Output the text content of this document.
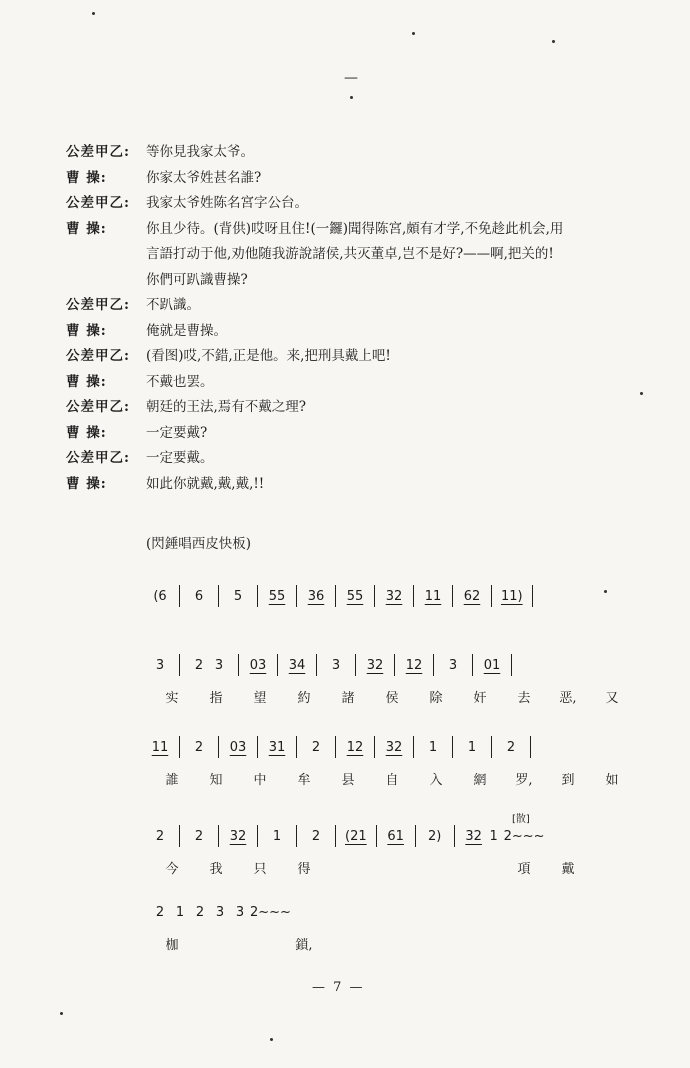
—
公差甲乙:	等你見我家太爷。
曹 操:	你家太爷姓甚名誰?
公差甲乙:	我家太爷姓陈名宮字公台。
曹 操:	你且少待。(背供)哎呀且住!(一鑼)聞得陈宮,頗有才学,不免趁此机会,用
言語打动于他,劝他随我游說諸侯,共灭董卓,岂不是好?——啊,把关的!
你們可趴識曹操?
公差甲乙:	不趴識。
曹 操:	俺就是曹操。
公差甲乙:	(看图)哎,不錯,正是他。来,把刑具戴上吧!
曹 操:	不戴也罢。
公差甲乙:	朝廷的王法,焉有不戴之理?
曹 操:	一定要戴?
公差甲乙:	一定要戴。
曹 操:	如此你就戴,戴,戴,!!
(閃錘唱西皮快板)
(6	6	5	55 36 55 32 11 62 11)
3	2 3	03 34	3	32 12	3	01
实	指	望	約	諸	侯	除	奸	去	恶,	又
11	2	03 31	2	12 32	1	1	2
誰	知	中	牟	县	自	入	網	罗,	到	如
2	2	32	1	2	(21 61 2) 32 1 2~~~
[散]
今	我	只	得	項	戴
2 1 2 3 3 2~~~
枷	鎖,
— 7 —
